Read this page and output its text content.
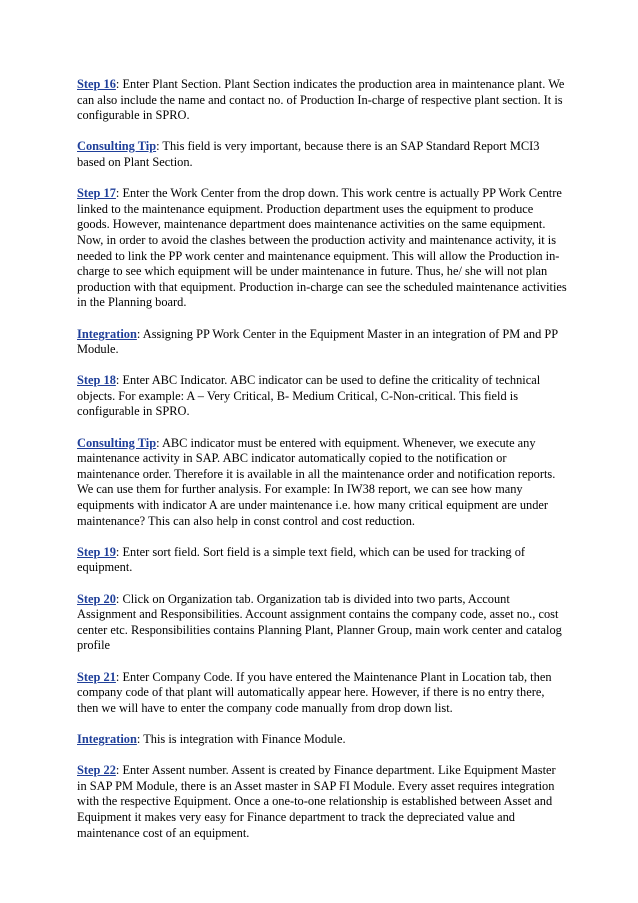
Step 16: Enter Plant Section. Plant Section indicates the production area in maintenance plant. We can also include the name and contact no. of Production In-charge of respective plant section. It is configurable in SPRO.

Consulting Tip: This field is very important, because there is an SAP Standard Report MCI3 based on Plant Section.

Step 17: Enter the Work Center from the drop down. This work centre is actually PP Work Centre linked to the maintenance equipment. Production department uses the equipment to produce goods. However, maintenance department does maintenance activities on the same equipment. Now, in order to avoid the clashes between the production activity and maintenance activity, it is needed to link the PP work center and maintenance equipment. This will allow the Production in-charge to see which equipment will be under maintenance in future. Thus, he/ she will not plan production with that equipment. Production in-charge can see the scheduled maintenance activities in the Planning board.

Integration: Assigning PP Work Center in the Equipment Master in an integration of PM and PP Module.

Step 18: Enter ABC Indicator. ABC indicator can be used to define the criticality of technical objects. For example: A – Very Critical, B- Medium Critical, C-Non-critical. This field is configurable in SPRO.

Consulting Tip: ABC indicator must be entered with equipment. Whenever, we execute any maintenance activity in SAP. ABC indicator automatically copied to the notification or maintenance order. Therefore it is available in all the maintenance order and notification reports. We can use them for further analysis. For example: In IW38 report, we can see how many equipments with indicator A are under maintenance i.e. how many critical equipment are under maintenance? This can also help in const control and cost reduction.

Step 19: Enter sort field. Sort field is a simple text field, which can be used for tracking of equipment.

Step 20: Click on Organization tab. Organization tab is divided into two parts, Account Assignment and Responsibilities. Account assignment contains the company code, asset no., cost center etc. Responsibilities contains Planning Plant, Planner Group, main work center and catalog profile

Step 21: Enter Company Code. If you have entered the Maintenance Plant in Location tab, then company code of that plant will automatically appear here. However, if there is no entry there, then we will have to enter the company code manually from drop down list.

Integration: This is integration with Finance Module.

Step 22: Enter Assent number. Assent is created by Finance department. Like Equipment Master in SAP PM Module, there is an Asset master in SAP FI Module. Every asset requires integration with the respective Equipment. Once a one-to-one relationship is established between Asset and Equipment it makes very easy for Finance department to track the depreciated value and maintenance cost of an equipment.
